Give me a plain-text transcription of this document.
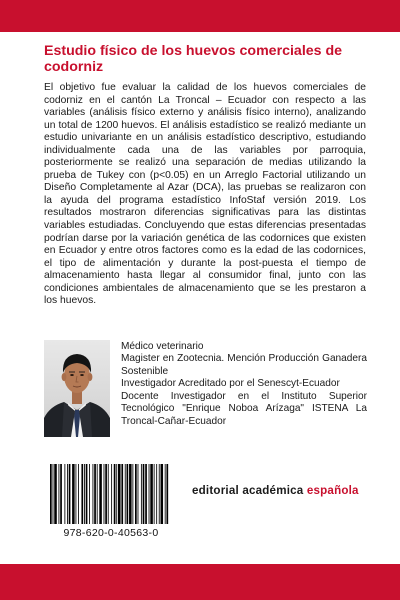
Estudio físico de los huevos comerciales de codorniz

El objetivo fue evaluar la calidad de los huevos comerciales de codorniz en el cantón La Troncal – Ecuador con respecto a las variables (análisis físico externo y análisis físico interno), analizando un total de 1200 huevos. El análisis estadístico se realizó mediante un estudio univariante en un análisis estadístico descriptivo, estudiando individualmente cada una de las variables por parroquia, posteriormente se realizó una separación de medias utilizando la prueba de Tukey con (p<0.05) en un Arreglo Factorial utilizando un Diseño Completamente al Azar (DCA), las pruebas se realizaron con la ayuda del programa estadístico InfoStaf versión 2019. Los resultados mostraron diferencias significativas para las distintas variables estudiadas. Concluyendo que estas diferencias presentadas podrían darse por la variación genética de las codornices que existen en Ecuador y entre otros factores como es la edad de las codornices, el tipo de alimentación y durante la post-puesta el tiempo de almacenamiento hasta llegar al consumidor final, junto con las condiciones ambientales de almacenamiento que se les prestaron a los huevos.

Médico veterinario
Magister en Zootecnia. Mención Producción Ganadera Sostenible
Investigador Acreditado por el Senescyt-Ecuador
Docente Investigador en el Instituto Superior Tecnológico "Enrique Noboa Arízaga" ISTENA La Troncal-Cañar-Ecuador
978-620-0-40563-0
editorial académica española
